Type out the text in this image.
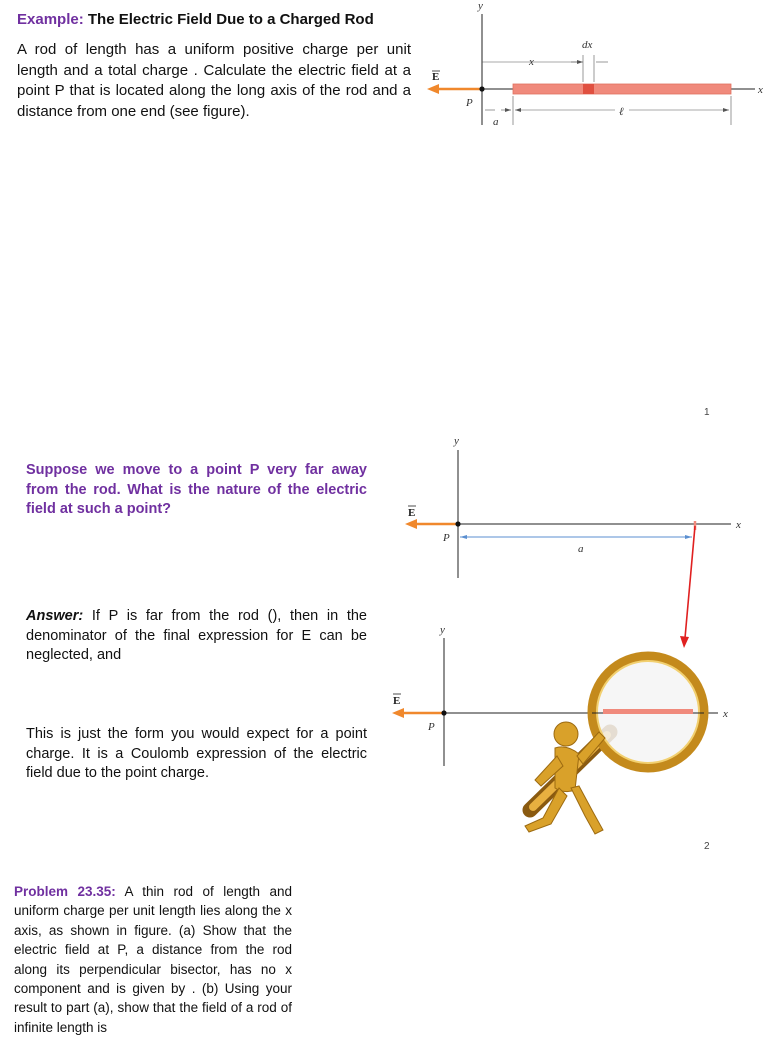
Example: The Electric Field Due to a Charged Rod
A rod of length has a uniform positive charge per unit length and a total charge . Calculate the electric field at a point P that is located along the long axis of the rod and a distance from one end (see figure).
y
x
E
P
x
dx
a
ℓ
1
Suppose we move to a point P very far away from the rod. What is the nature of the electric field at such a point?
y
x
E
P
a
Answer: If P is far from the rod (), then in the denominator of the final expression for E can be neglected, and
This is just the form you would expect for a point charge. It is a Coulomb expression of the electric field due to the point charge.
y
x
E
P
2
Problem 23.35: A thin rod of length and uniform charge per unit length lies along the x axis, as shown in figure. (a) Show that the electric field at P, a distance from the rod along its perpendicular bisector, has no x component and is given by . (b) Using your result to part (a), show that the field of a rod of infinite length is
